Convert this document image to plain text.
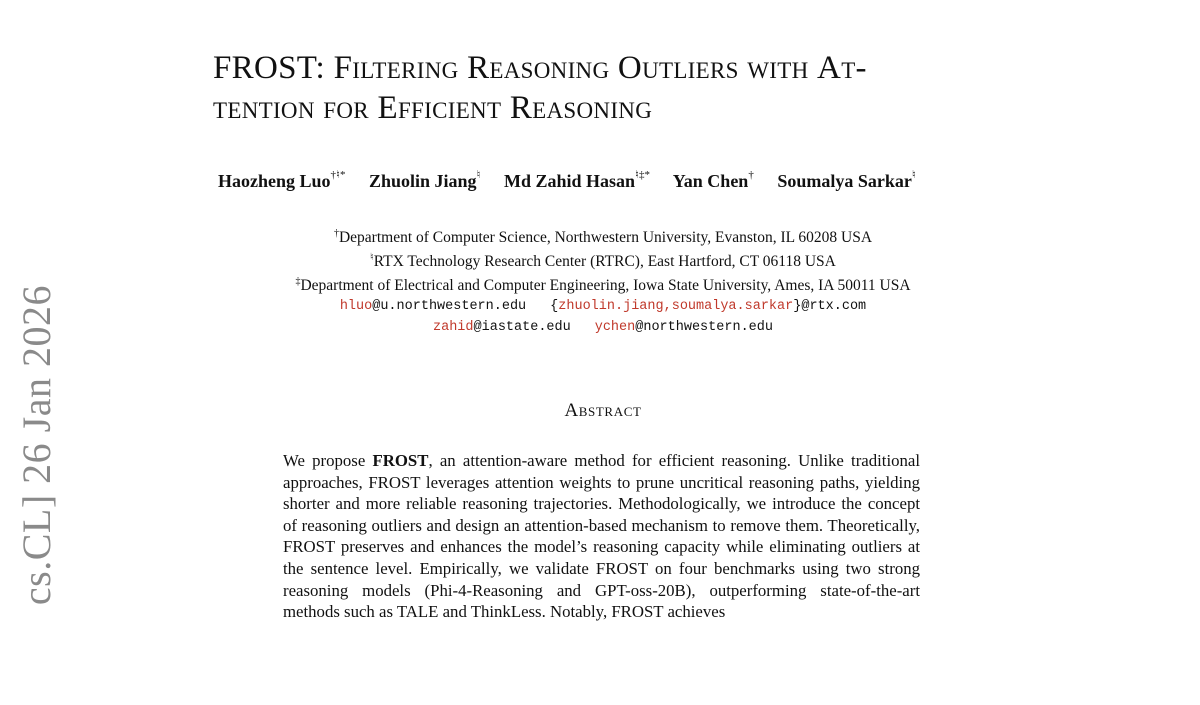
cs.CL] 26 Jan 2026
FROST: Filtering Reasoning Outliers with At-
tention for Efficient Reasoning
Haozheng Luo†♮* Zhuolin Jiang♮ Md Zahid Hasan♮‡* Yan Chen† Soumalya Sarkar♮
†Department of Computer Science, Northwestern University, Evanston, IL 60208 USA
♮RTX Technology Research Center (RTRC), East Hartford, CT 06118 USA
‡Department of Electrical and Computer Engineering, Iowa State University, Ames, IA 50011 USA
hluo@u.northwestern.edu {zhuolin.jiang,soumalya.sarkar}@rtx.com
zahid@iastate.edu ychen@northwestern.edu
Abstract

We propose FROST, an attention-aware method for efficient reasoning. Unlike traditional approaches, FROST leverages attention weights to prune uncritical reasoning paths, yielding shorter and more reliable reasoning trajectories. Methodologically, we introduce the concept of reasoning outliers and design an attention-based mechanism to remove them. Theoretically, FROST preserves and enhances the model’s reasoning capacity while eliminating outliers at the sentence level. Empirically, we validate FROST on four benchmarks using two strong reasoning models (Phi-4-Reasoning and GPT-oss-20B), outperforming state-of-the-art methods such as TALE and ThinkLess. Notably, FROST achieves
